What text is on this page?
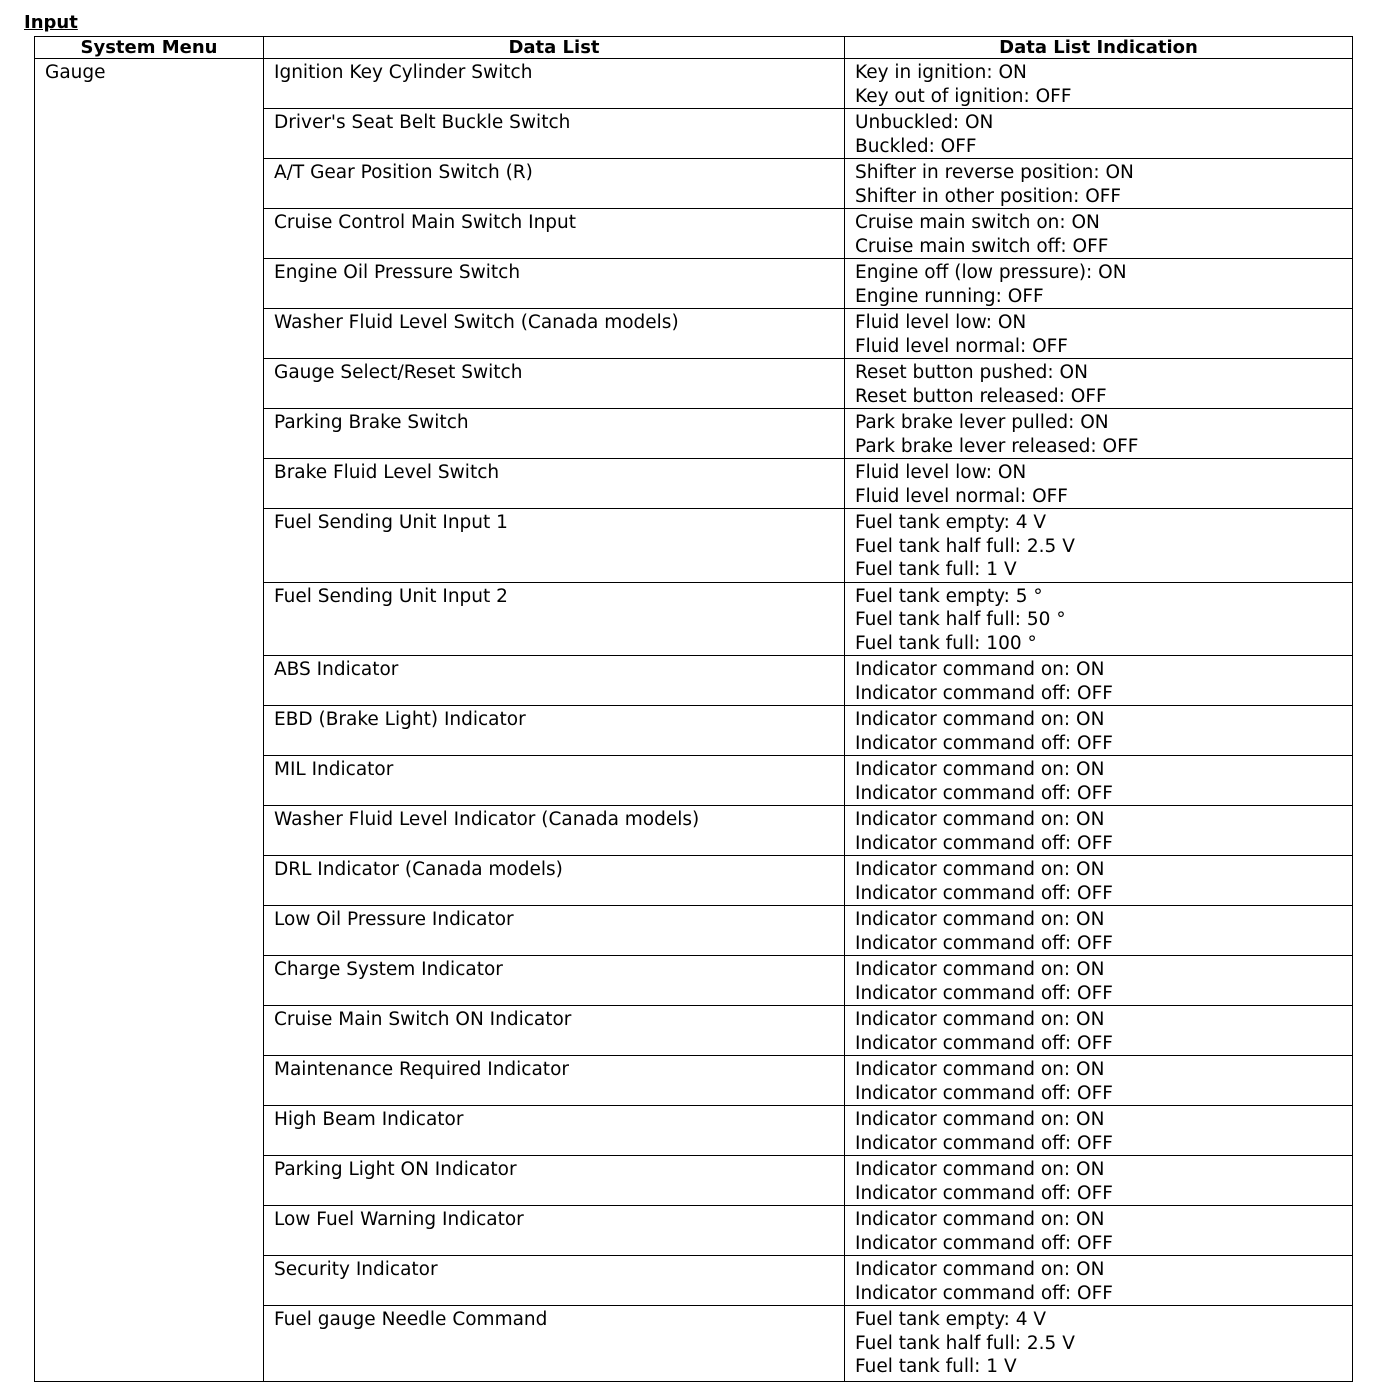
Input
System Menu	Data List	Data List Indication
Gauge	Ignition Key Cylinder Switch	Key in ignition: ON
Key out of ignition: OFF

	Driver's Seat Belt Buckle Switch	Unbuckled: ON
Buckled: OFF

	A/T Gear Position Switch (R)	Shifter in reverse position: ON
Shifter in other position: OFF

	Cruise Control Main Switch Input	Cruise main switch on: ON
Cruise main switch off: OFF

	Engine Oil Pressure Switch	Engine off (low pressure): ON
Engine running: OFF

	Washer Fluid Level Switch (Canada models)	Fluid level low: ON
Fluid level normal: OFF

	Gauge Select/Reset Switch	Reset button pushed: ON
Reset button released: OFF

	Parking Brake Switch	Park brake lever pulled: ON
Park brake lever released: OFF

	Brake Fluid Level Switch	Fluid level low: ON
Fluid level normal: OFF

	Fuel Sending Unit Input 1	Fuel tank empty: 4 V
Fuel tank half full: 2.5 V
Fuel tank full: 1 V

	Fuel Sending Unit Input 2	Fuel tank empty: 5 °
Fuel tank half full: 50 °
Fuel tank full: 100 °

	ABS Indicator	Indicator command on: ON
Indicator command off: OFF

	EBD (Brake Light) Indicator	Indicator command on: ON
Indicator command off: OFF

	MIL Indicator	Indicator command on: ON
Indicator command off: OFF

	Washer Fluid Level Indicator (Canada models)	Indicator command on: ON
Indicator command off: OFF

	DRL Indicator (Canada models)	Indicator command on: ON
Indicator command off: OFF

	Low Oil Pressure Indicator	Indicator command on: ON
Indicator command off: OFF

	Charge System Indicator	Indicator command on: ON
Indicator command off: OFF

	Cruise Main Switch ON Indicator	Indicator command on: ON
Indicator command off: OFF

	Maintenance Required Indicator	Indicator command on: ON
Indicator command off: OFF

	High Beam Indicator	Indicator command on: ON
Indicator command off: OFF

	Parking Light ON Indicator	Indicator command on: ON
Indicator command off: OFF

	Low Fuel Warning Indicator	Indicator command on: ON
Indicator command off: OFF

	Security Indicator	Indicator command on: ON
Indicator command off: OFF

	Fuel gauge Needle Command	Fuel tank empty: 4 V
Fuel tank half full: 2.5 V
Fuel tank full: 1 V
